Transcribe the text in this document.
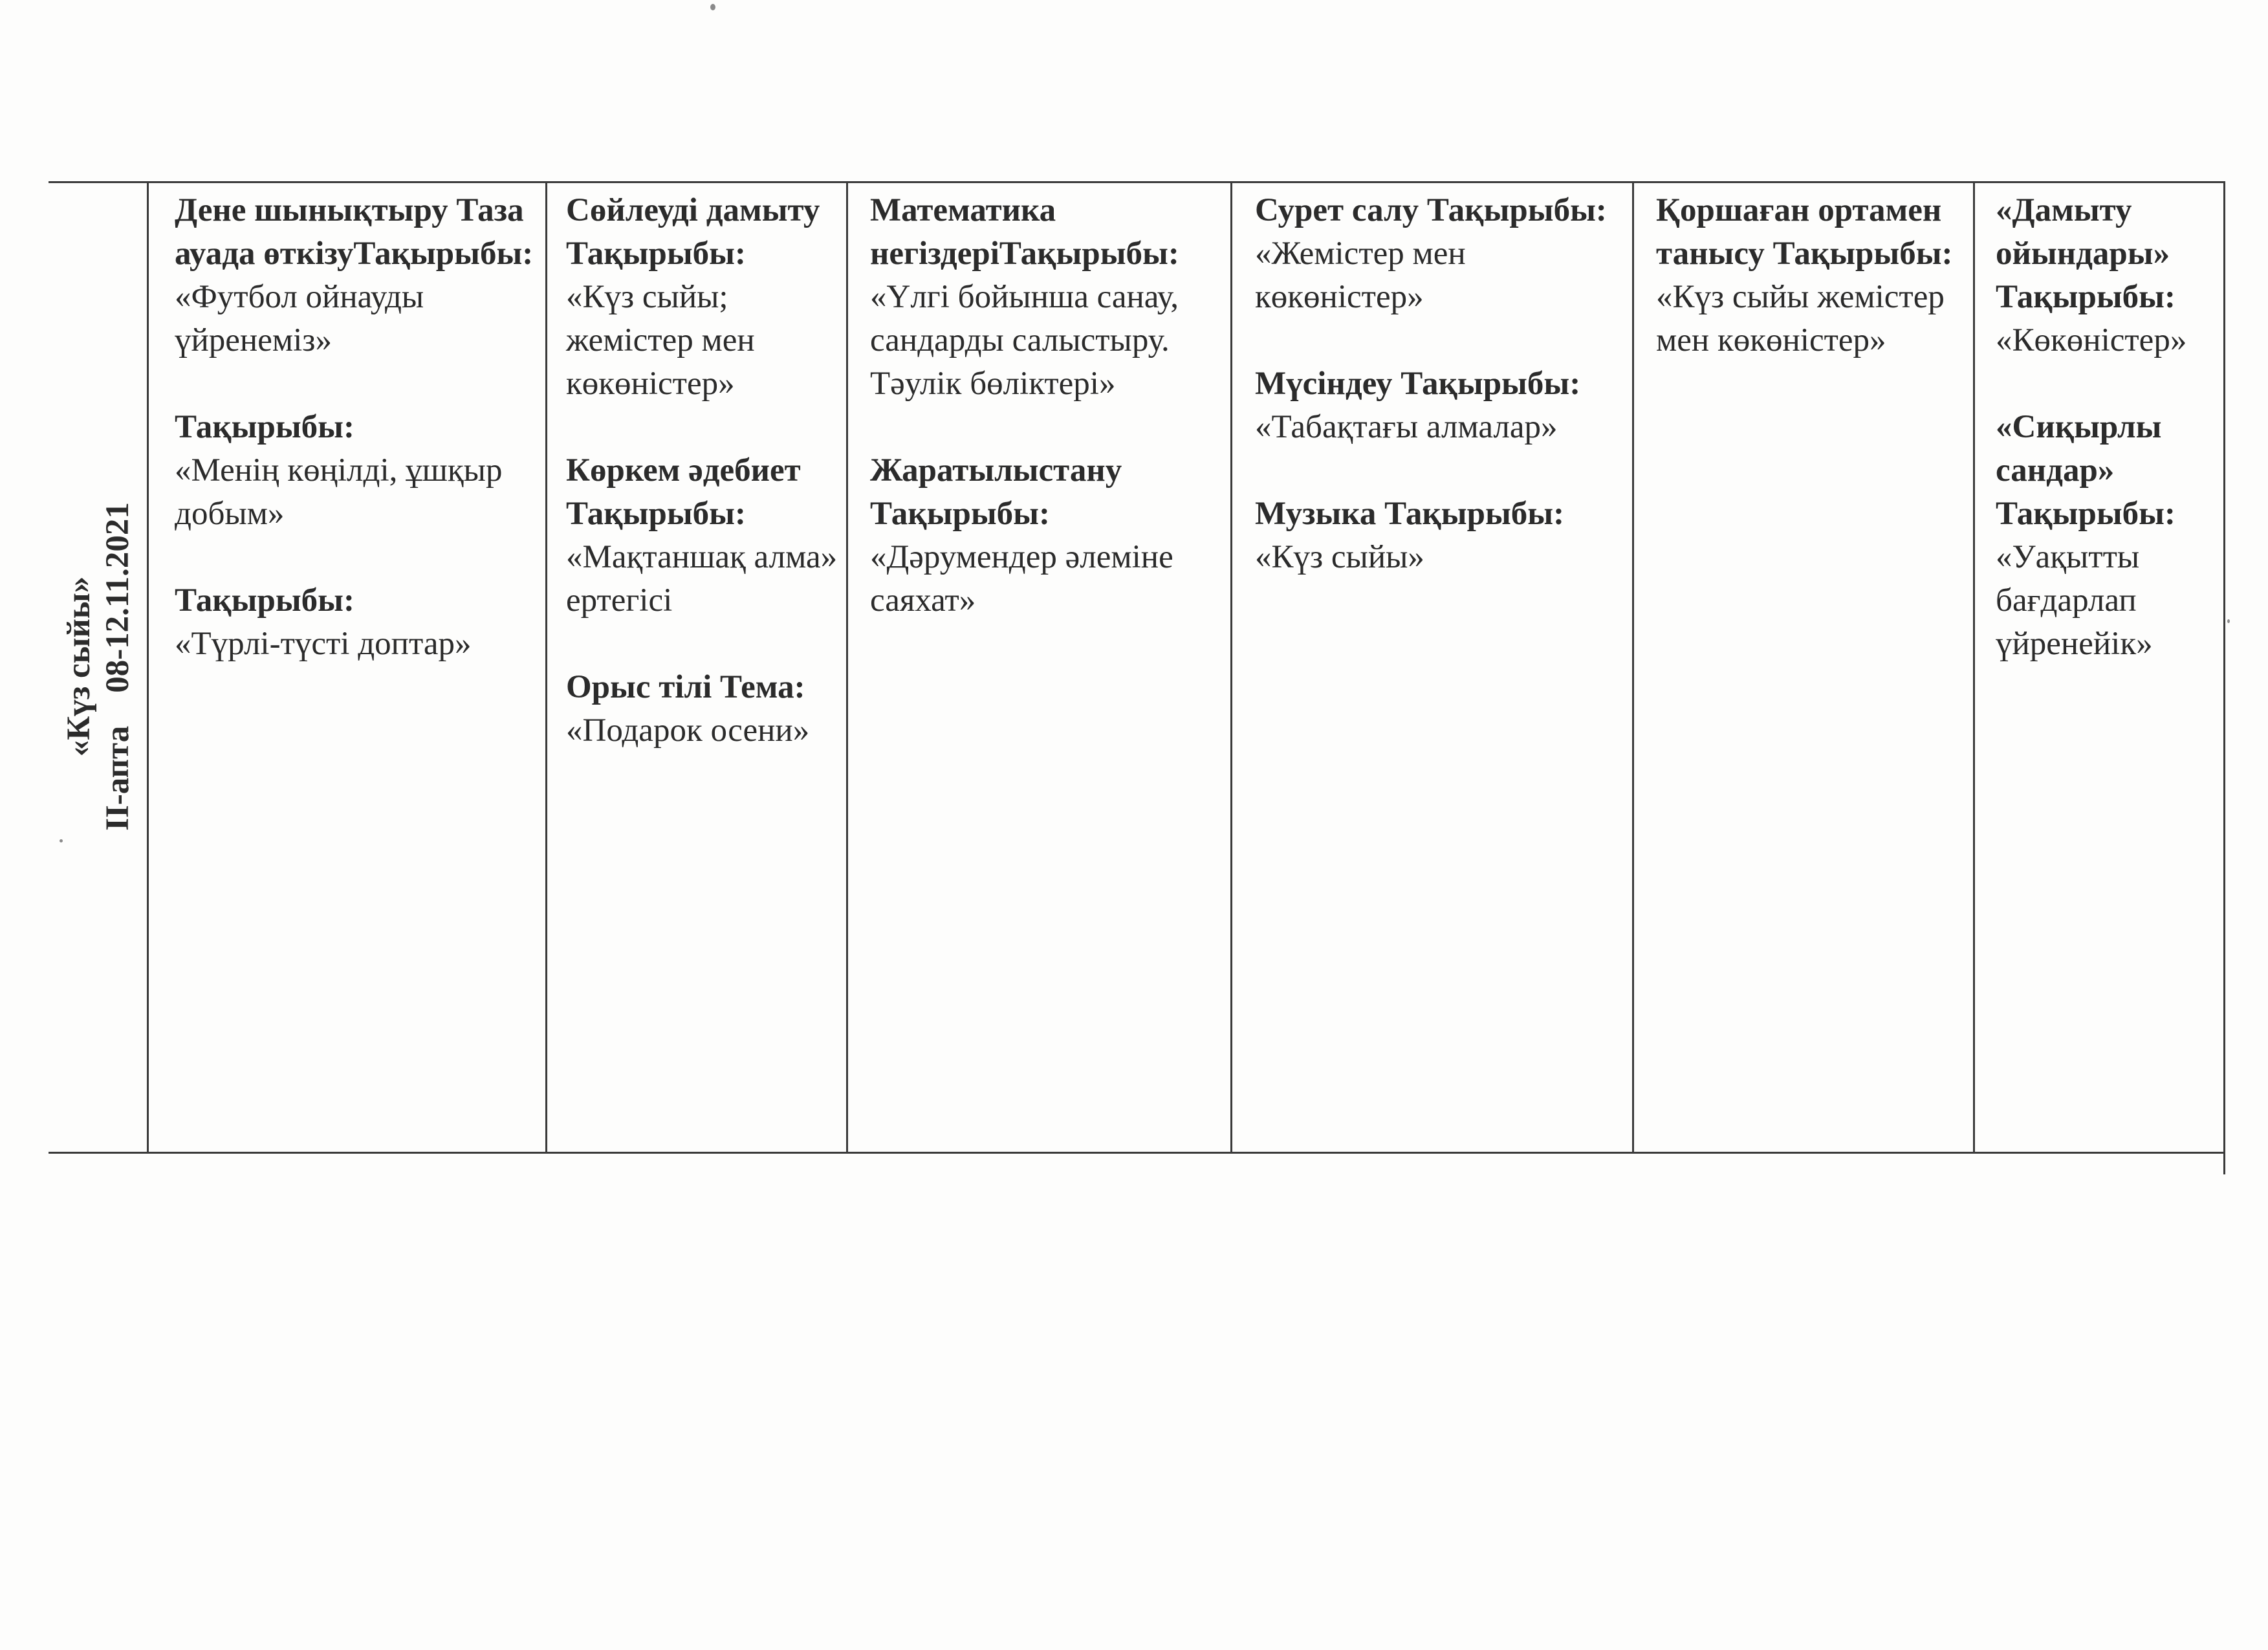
«Күз сыйы» ІІ-апта    08-12.11.2021
Дене шынықтыру Таза ауада өткізуТақырыбы:
«Футбол ойнауды үйренеміз»
Тақырыбы:
«Менің көңілді, ұшқыр добым»
Тақырыбы:
«Түрлі-түсті доптар»
Сөйлеуді дамыту Тақырыбы:
«Күз сыйы; жемістер мен көкөністер»
Көркем әдебиет Тақырыбы:
«Мақтаншақ алма» ертегісі
Орыс тілі Тема:
«Подарок осени»
Математика негіздеріТақырыбы:
«Үлгі бойынша санау, сандарды салыстыру. Тәулік бөліктері»
Жаратылыстану Тақырыбы:
«Дәрумендер әлеміне саяхат»
Сурет салу Тақырыбы:
«Жемістер мен көкөністер»
Мүсіндеу Тақырыбы:
«Табақтағы алмалар»
Музыка Тақырыбы:
«Күз сыйы»
Қоршаған ортамен танысу Тақырыбы:
«Күз сыйы жемістер мен көкөністер»
«Дамыту ойындары» Тақырыбы:
«Көкөністер»
«Сиқырлы сандар» Тақырыбы:
«Уақытты бағдарлап үйренейік»
